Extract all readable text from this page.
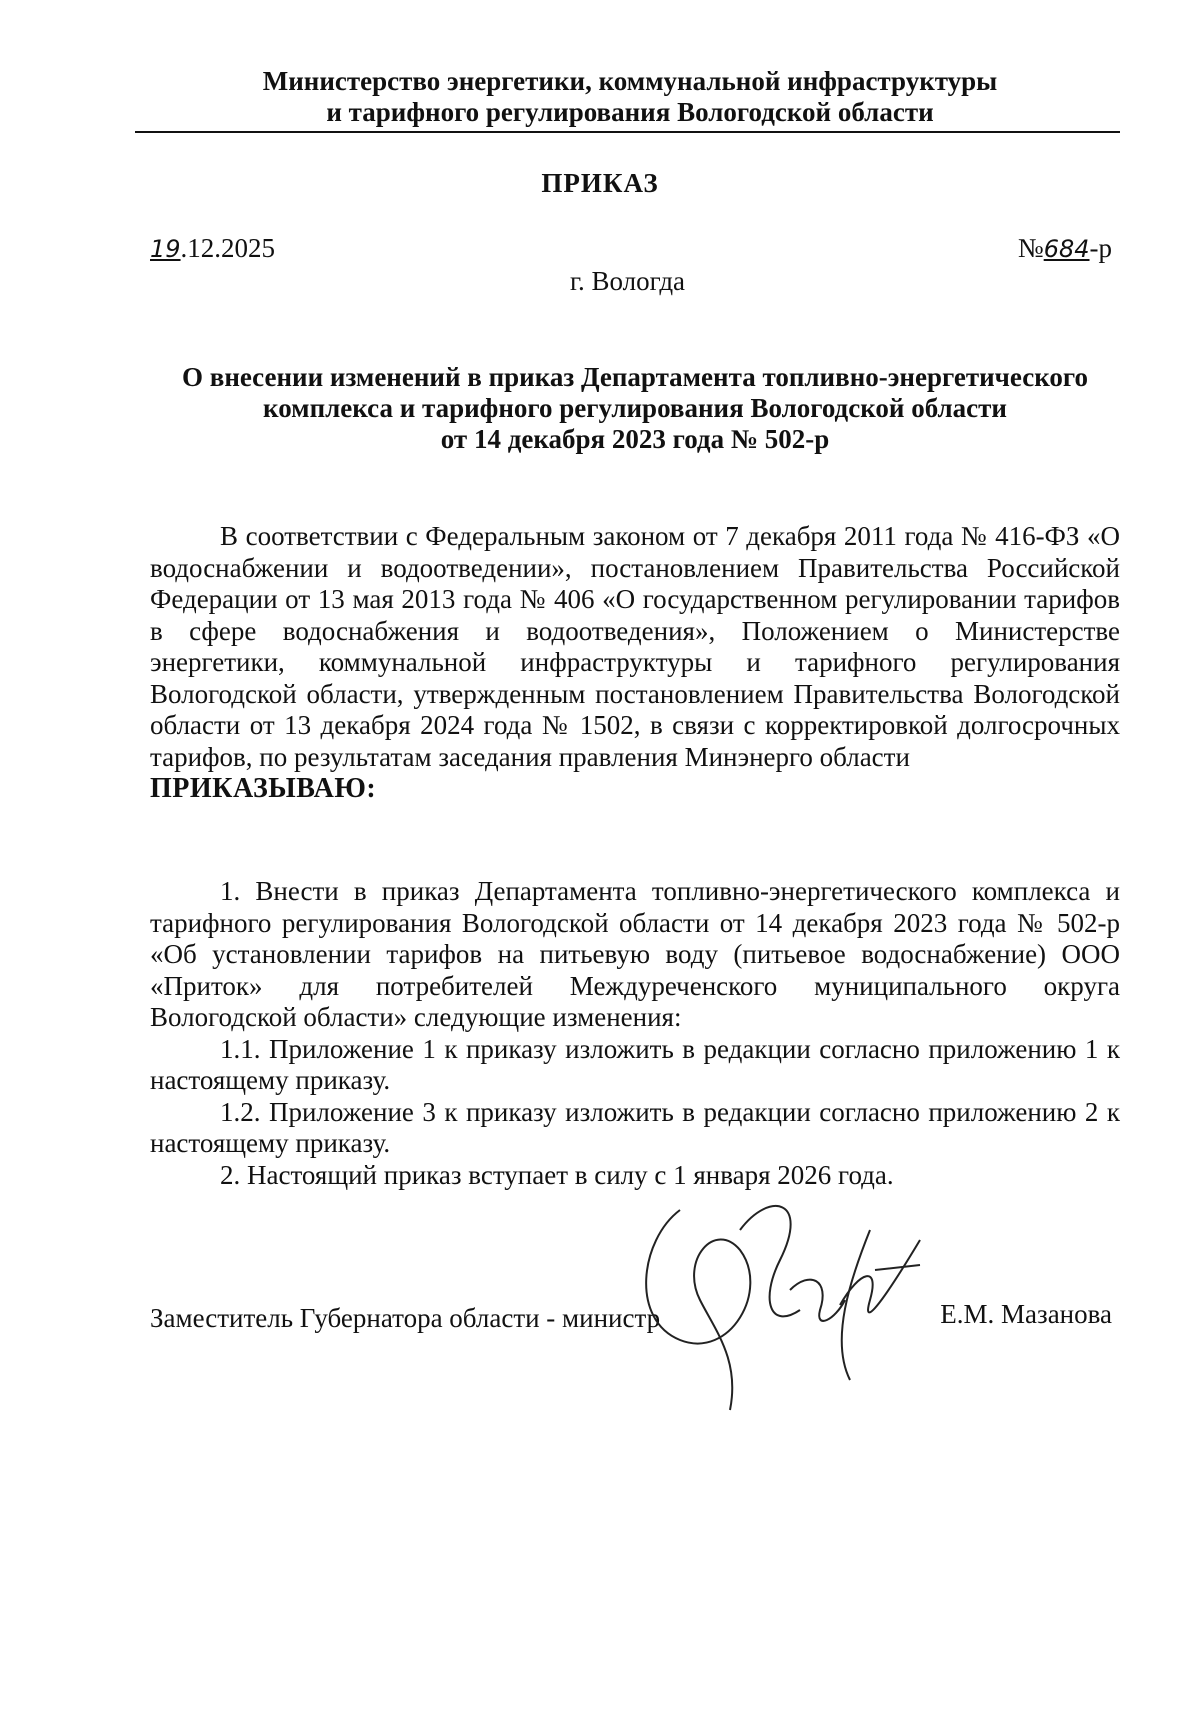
Министерство энергетики, коммунальной инфраструктуры
и тарифного регулирования Вологодской области
ПРИКАЗ
19.12.2025	№684-р
г. Вологда
О внесении изменений в приказ Департамента топливно-энергетического
комплекса и тарифного регулирования Вологодской области
от 14 декабря 2023 года № 502-р

В соответствии с Федеральным законом от 7 декабря 2011 года № 416-ФЗ «О водоснабжении и водоотведении», постановлением Правительства Российской Федерации от 13 мая 2013 года № 406 «О государственном регулировании тарифов в сфере водоснабжения и водоотведения», Положением о Министерстве энергетики, коммунальной инфраструктуры и тарифного регулирования Вологодской области, утвержденным постановлением Правительства Вологодской области от 13 декабря 2024 года № 1502, в связи с корректировкой долгосрочных тарифов, по результатам заседания правления Минэнерго области

ПРИКАЗЫВАЮ:

1. Внести в приказ Департамента топливно-энергетического комплекса и тарифного регулирования Вологодской области от 14 декабря 2023 года № 502-р «Об установлении тарифов на питьевую воду (питьевое водоснабжение) ООО «Приток» для потребителей Междуреченского муниципального округа Вологодской области» следующие изменения:

1.1. Приложение 1 к приказу изложить в редакции согласно приложению 1 к настоящему приказу.

1.2. Приложение 3 к приказу изложить в редакции согласно приложению 2 к настоящему приказу.

2. Настоящий приказ вступает в силу с 1 января 2026 года.

Заместитель Губернатора области - министр	Е.М. Мазанова
